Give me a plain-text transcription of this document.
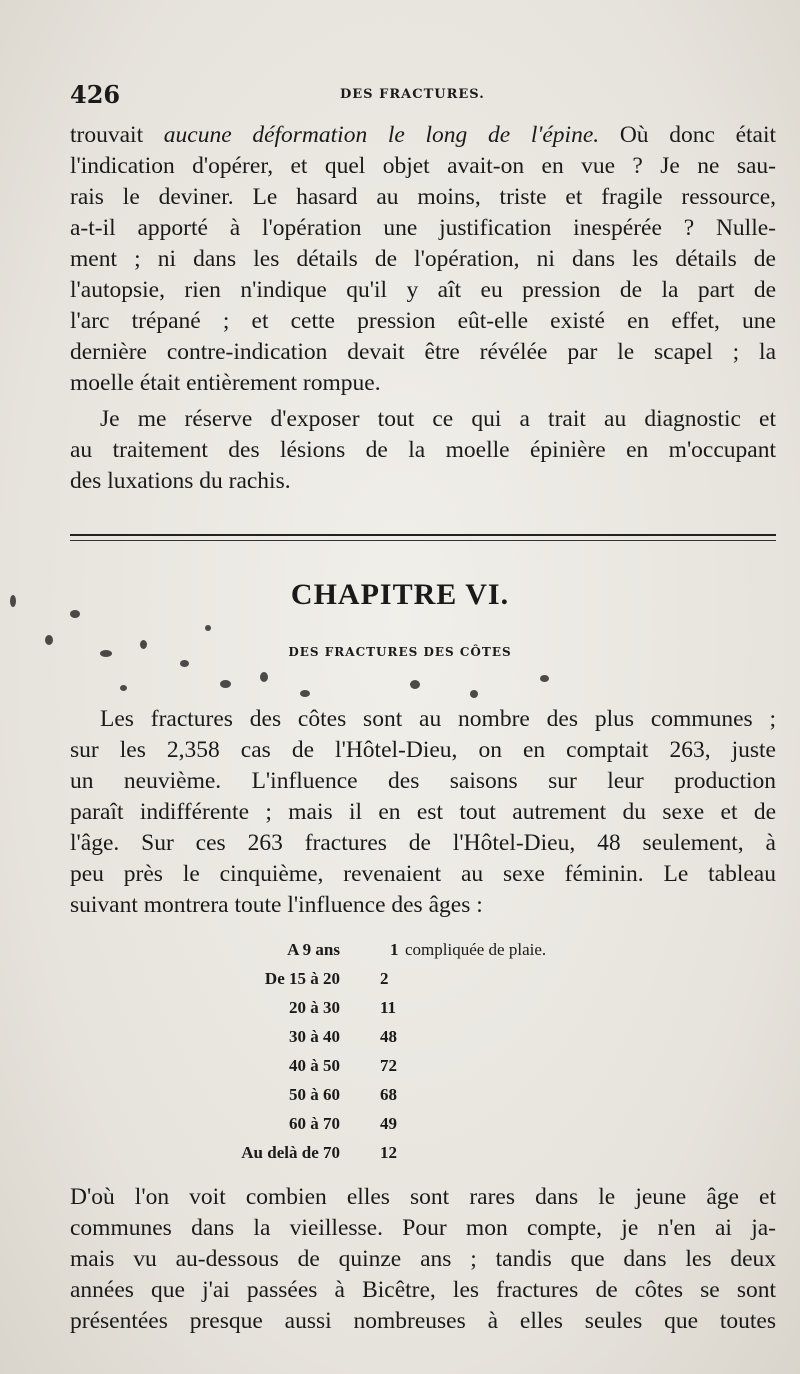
426	DES FRACTURES.
trouvait aucune déformation le long de l'épine. Où donc était
l'indication d'opérer, et quel objet avait-on en vue ? Je ne sau-
rais le deviner. Le hasard au moins, triste et fragile ressource,
a-t-il apporté à l'opération une justification inespérée ? Nulle-
ment ; ni dans les détails de l'opération, ni dans les détails de
l'autopsie, rien n'indique qu'il y aît eu pression de la part de
l'arc trépané ; et cette pression eût-elle existé en effet, une
dernière contre-indication devait être révélée par le scapel ; la
moelle était entièrement rompue.
Je me réserve d'exposer tout ce qui a trait au diagnostic et
au traitement des lésions de la moelle épinière en m'occupant
des luxations du rachis.
CHAPITRE VI.
DES FRACTURES DES CÔTES
Les fractures des côtes sont au nombre des plus communes ;
sur les 2,358 cas de l'Hôtel-Dieu, on en comptait 263, juste
un neuvième. L'influence des saisons sur leur production
paraît indifférente ; mais il en est tout autrement du sexe et de
l'âge. Sur ces 263 fractures de l'Hôtel-Dieu, 48 seulement, à
peu près le cinquième, revenaient au sexe féminin. Le tableau
suivant montrera toute l'influence des âges :
A 9 ans	1 compliquée de plaie.
De 15 à 20 2
20 à 30 11
30 à 40 48
40 à 50 72
50 à 60 68
60 à 70 49
Au delà de 70 12
D'où l'on voit combien elles sont rares dans le jeune âge et
communes dans la vieillesse. Pour mon compte, je n'en ai ja-
mais vu au-dessous de quinze ans ; tandis que dans les deux
années que j'ai passées à Bicêtre, les fractures de côtes se sont
présentées presque aussi nombreuses à elles seules que toutes
